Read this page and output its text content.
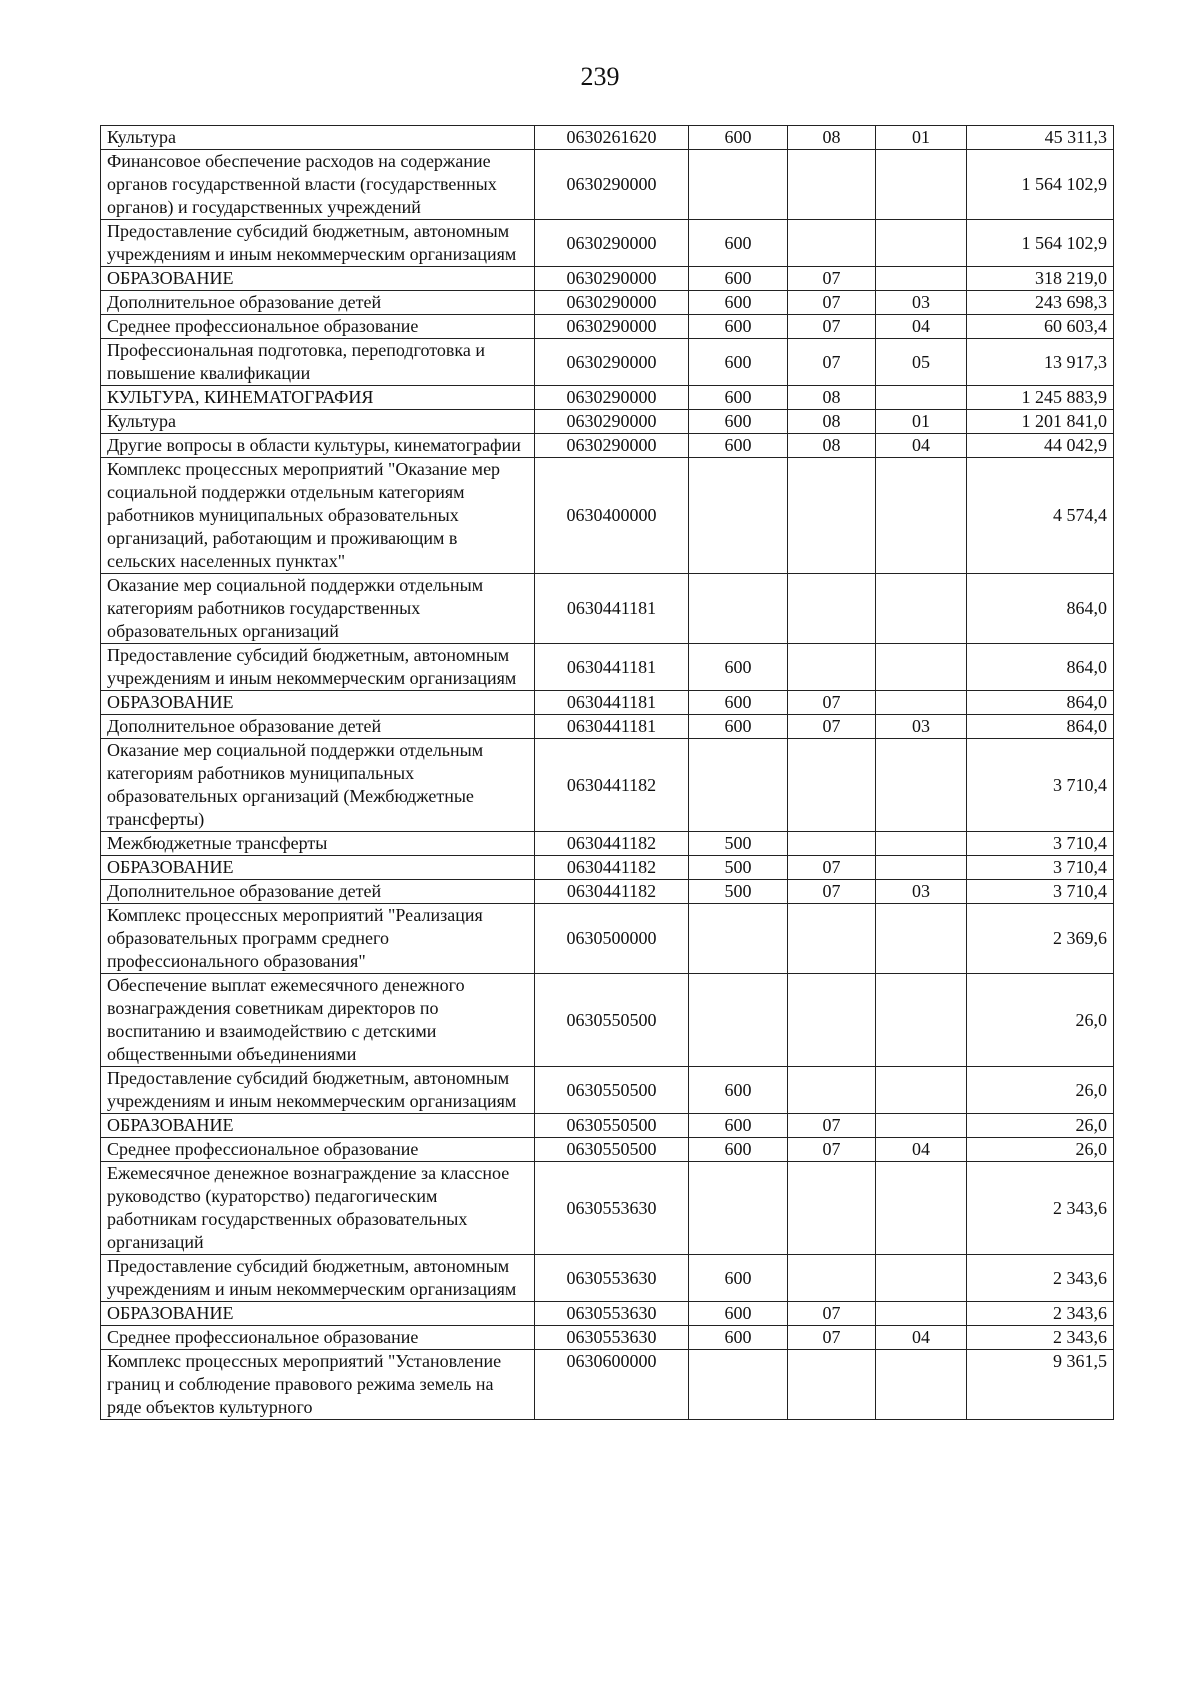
239
Культура	0630261620	600	08	01	45 311,3
Финансовое обеспечение расходов на содержание органов государственной власти (государственных органов) и государственных учреждений	0630290000				1 564 102,9
Предоставление субсидий бюджетным, автономным учреждениям и иным некоммерческим организациям	0630290000	600			1 564 102,9
ОБРАЗОВАНИЕ	0630290000	600	07		318 219,0
Дополнительное образование детей	0630290000	600	07	03	243 698,3
Среднее профессиональное образование	0630290000	600	07	04	60 603,4
Профессиональная подготовка, переподготовка и повышение квалификации	0630290000	600	07	05	13 917,3
КУЛЬТУРА, КИНЕМАТОГРАФИЯ	0630290000	600	08		1 245 883,9
Культура	0630290000	600	08	01	1 201 841,0
Другие вопросы в области культуры, кинематографии	0630290000	600	08	04	44 042,9
Комплекс процессных мероприятий "Оказание мер социальной поддержки отдельным категориям работников муниципальных образовательных организаций, работающим и проживающим в сельских населенных пунктах"	0630400000				4 574,4
Оказание мер социальной поддержки отдельным категориям работников государственных образовательных организаций	0630441181				864,0
Предоставление субсидий бюджетным, автономным учреждениям и иным некоммерческим организациям	0630441181	600			864,0
ОБРАЗОВАНИЕ	0630441181	600	07		864,0
Дополнительное образование детей	0630441181	600	07	03	864,0
Оказание мер социальной поддержки отдельным категориям работников муниципальных образовательных организаций (Межбюджетные трансферты)	0630441182				3 710,4
Межбюджетные трансферты	0630441182	500			3 710,4
ОБРАЗОВАНИЕ	0630441182	500	07		3 710,4
Дополнительное образование детей	0630441182	500	07	03	3 710,4
Комплекс процессных мероприятий "Реализация образовательных программ среднего профессионального образования"	0630500000				2 369,6
Обеспечение выплат ежемесячного денежного вознаграждения советникам директоров по воспитанию и взаимодействию с детскими общественными объединениями	0630550500				26,0
Предоставление субсидий бюджетным, автономным учреждениям и иным некоммерческим организациям	0630550500	600			26,0
ОБРАЗОВАНИЕ	0630550500	600	07		26,0
Среднее профессиональное образование	0630550500	600	07	04	26,0
Ежемесячное денежное вознаграждение за классное руководство (кураторство) педагогическим работникам государственных образовательных организаций	0630553630				2 343,6
Предоставление субсидий бюджетным, автономным учреждениям и иным некоммерческим организациям	0630553630	600			2 343,6
ОБРАЗОВАНИЕ	0630553630	600	07		2 343,6
Среднее профессиональное образование	0630553630	600	07	04	2 343,6
Комплекс процессных мероприятий "Установление границ и соблюдение правового режима земель на ряде объектов культурного	0630600000				9 361,5
